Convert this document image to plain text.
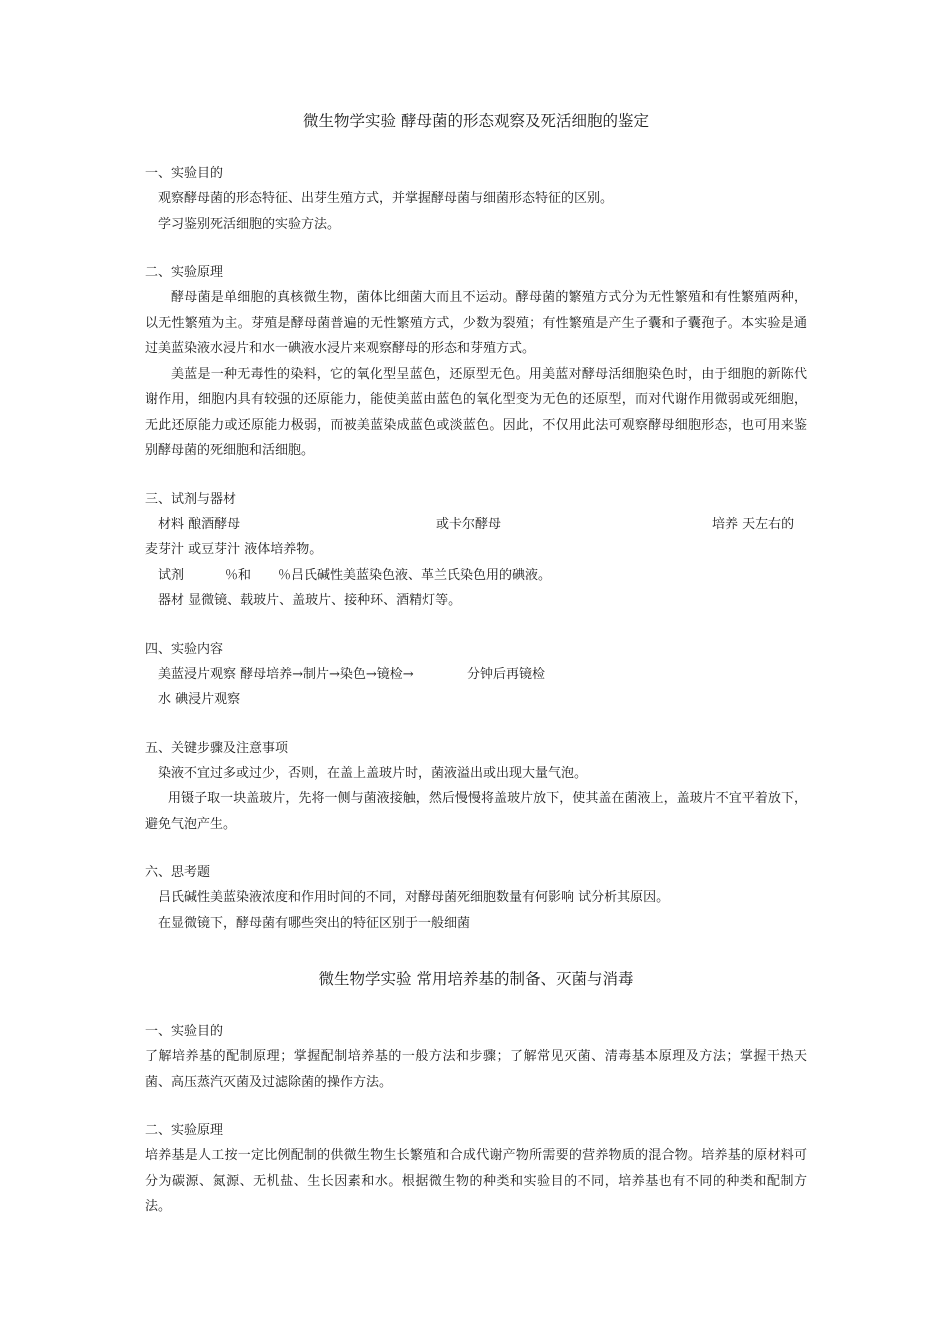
微生物学实验 酵母菌的形态观察及死活细胞的鉴定
一、实验目的
观察酵母菌的形态特征、出芽生殖方式，并掌握酵母菌与细菌形态特征的区别。
学习鉴别死活细胞的实验方法。
二、实验原理
酵母菌是单细胞的真核微生物，菌体比细菌大而且不运动。酵母菌的繁殖方式分为无性繁殖和有性繁殖两种，以无性繁殖为主。芽殖是酵母菌普遍的无性繁殖方式，少数为裂殖；有性繁殖是产生子囊和子囊孢子。本实验是通过美蓝染液水浸片和水一碘液水浸片来观察酵母的形态和芽殖方式。
美蓝是一种无毒性的染料，它的氧化型呈蓝色，还原型无色。用美蓝对酵母活细胞染色时，由于细胞的新陈代谢作用，细胞内具有较强的还原能力，能使美蓝由蓝色的氧化型变为无色的还原型，而对代谢作用微弱或死细胞，无此还原能力或还原能力极弱，而被美蓝染成蓝色或淡蓝色。因此，不仅用此法可观察酵母细胞形态，也可用来鉴别酵母菌的死细胞和活细胞。
三、试剂与器材
材料 酿酒酵母	或卡尔酵母	培养 天左右的
麦芽汁 或豆芽汁 液体培养物。
试剂	％和 ％吕氏碱性美蓝染色液、革兰氏染色用的碘液。
器材 显微镜、载玻片、盖玻片、接种环、酒精灯等。
四、实验内容
美蓝浸片观察 酵母培养→制片→染色→镜检→	分钟后再镜检
水 碘浸片观察
五、关键步骤及注意事项
染液不宜过多或过少，否则，在盖上盖玻片时，菌液溢出或出现大量气泡。
用镊子取一块盖玻片，先将一侧与菌液接触，然后慢慢将盖玻片放下，使其盖在菌液上，盖玻片不宜平着放下，避免气泡产生。
六、思考题
吕氏碱性美蓝染液浓度和作用时间的不同，对酵母菌死细胞数量有何影响 试分析其原因。
在显微镜下，酵母菌有哪些突出的特征区别于一般细菌
微生物学实验 常用培养基的制备、灭菌与消毒
一、实验目的
了解培养基的配制原理；掌握配制培养基的一般方法和步骤；了解常见灭菌、清毒基本原理及方法；掌握干热天菌、高压蒸汽灭菌及过滤除菌的操作方法。
二、实验原理
培养基是人工按一定比例配制的供微生物生长繁殖和合成代谢产物所需要的营养物质的混合物。培养基的原材料可分为碳源、氮源、无机盐、生长因素和水。根据微生物的种类和实验目的不同，培养基也有不同的种类和配制方法。
